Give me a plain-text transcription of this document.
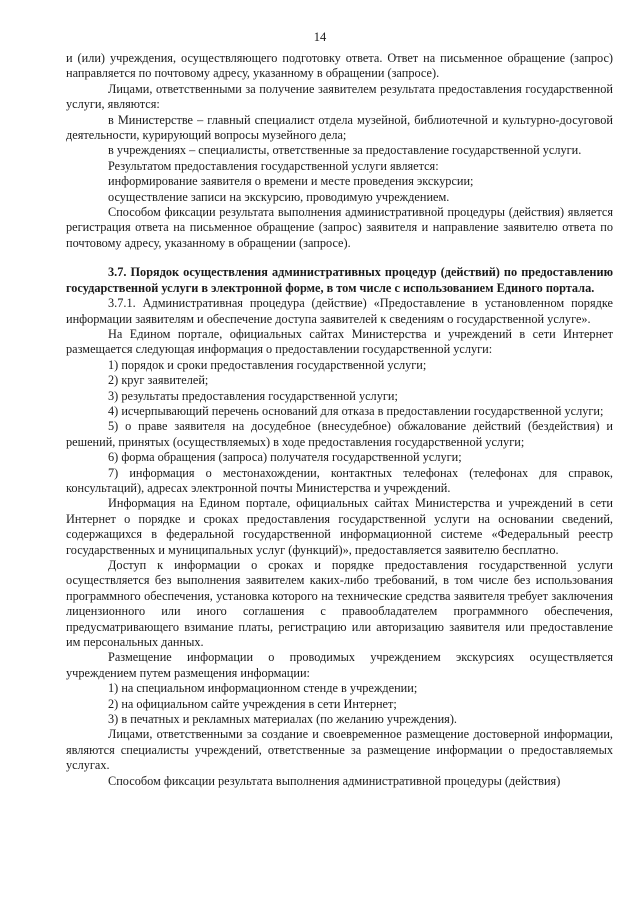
14

и (или) учреждения, осуществляющего подготовку ответа. Ответ на письменное обращение (запрос) направляется по почтовому адресу, указанному в обращении (запросе).

Лицами, ответственными за получение заявителем результата предоставления государственной услуги, являются:

в Министерстве – главный специалист отдела музейной, библиотечной и культурно-досуговой деятельности, курирующий вопросы музейного дела;

в учреждениях – специалисты, ответственные за предоставление государственной услуги.

Результатом предоставления государственной услуги является:

информирование заявителя о времени и месте проведения экскурсии;

осуществление записи на экскурсию, проводимую учреждением.

Способом фиксации результата выполнения административной процедуры (действия) является регистрация ответа на письменное обращение (запрос) заявителя и направление заявителю ответа по почтовому адресу, указанному в обращении (запросе).

3.7. Порядок осуществления административных процедур (действий) по предоставлению государственной услуги в электронной форме, в том числе с использованием Единого портала.

3.7.1. Административная процедура (действие) «Предоставление в установленном порядке информации заявителям и обеспечение доступа заявителей к сведениям о государственной услуге».

На Едином портале, официальных сайтах Министерства и учреждений в сети Интернет размещается следующая информация о предоставлении государственной услуги:

1) порядок и сроки предоставления государственной услуги;

2) круг заявителей;

3) результаты предоставления государственной услуги;

4) исчерпывающий перечень оснований для отказа в предоставлении государственной услуги;

5) о праве заявителя на досудебное (внесудебное) обжалование действий (бездействия) и решений, принятых (осуществляемых) в ходе предоставления государственной услуги;

6) форма обращения (запроса) получателя государственной услуги;

7) информация о местонахождении, контактных телефонах (телефонах для справок, консультаций), адресах электронной почты Министерства и учреждений.

Информация на Едином портале, официальных сайтах Министерства и учреждений в сети Интернет о порядке и сроках предоставления государственной услуги на основании сведений, содержащихся в федеральной государственной информационной системе «Федеральный реестр государственных и муниципальных услуг (функций)», предоставляется заявителю бесплатно.

Доступ к информации о сроках и порядке предоставления государственной услуги осуществляется без выполнения заявителем каких-либо требований, в том числе без использования программного обеспечения, установка которого на технические средства заявителя требует заключения лицензионного или иного соглашения с правообладателем программного обеспечения, предусматривающего взимание платы, регистрацию или авторизацию заявителя или предоставление им персональных данных.

Размещение информации о проводимых учреждением экскурсиях осуществляется учреждением путем размещения информации:

1) на специальном информационном стенде в учреждении;

2) на официальном сайте учреждения в сети Интернет;

3) в печатных и рекламных материалах (по желанию учреждения).

Лицами, ответственными за создание и своевременное размещение достоверной информации, являются специалисты учреждений, ответственные за размещение информации о предоставляемых услугах.

Способом фиксации результата выполнения административной процедуры (действия)
